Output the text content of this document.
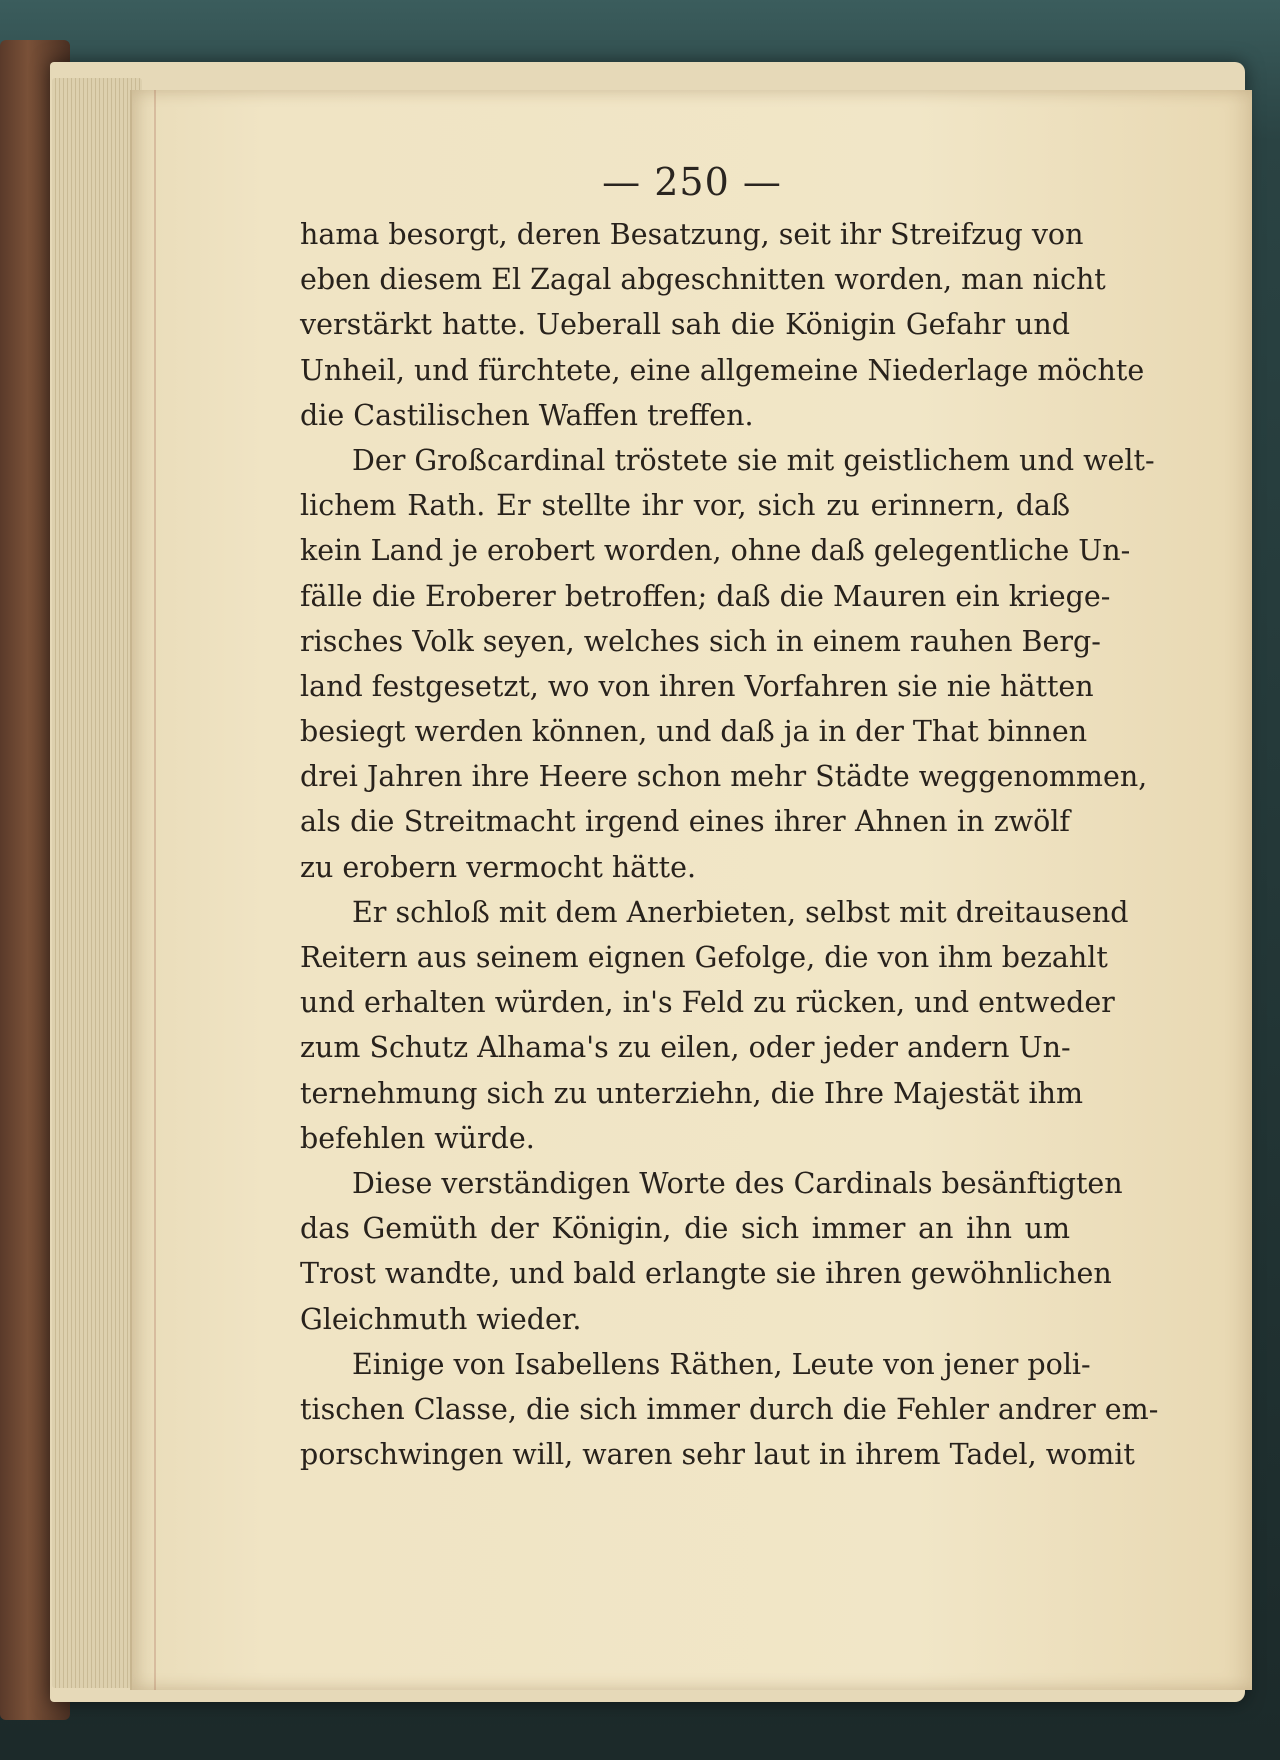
— 250 —
hama besorgt, deren Besatzung, seit ihr Streifzug von
eben diesem El Zagal abgeschnitten worden, man nicht
verstärkt hatte. Ueberall sah die Königin Gefahr und
Unheil, und fürchtete, eine allgemeine Niederlage möchte
die Castilischen Waffen treffen.
Der Großcardinal tröstete sie mit geistlichem und welt-
lichem Rath. Er stellte ihr vor, sich zu erinnern, daß
kein Land je erobert worden, ohne daß gelegentliche Un-
fälle die Eroberer betroffen; daß die Mauren ein kriege-
risches Volk seyen, welches sich in einem rauhen Berg-
land festgesetzt, wo von ihren Vorfahren sie nie hätten
besiegt werden können, und daß ja in der That binnen
drei Jahren ihre Heere schon mehr Städte weggenommen,
als die Streitmacht irgend eines ihrer Ahnen in zwölf
zu erobern vermocht hätte.
Er schloß mit dem Anerbieten, selbst mit dreitausend
Reitern aus seinem eignen Gefolge, die von ihm bezahlt
und erhalten würden, in's Feld zu rücken, und entweder
zum Schutz Alhama's zu eilen, oder jeder andern Un-
ternehmung sich zu unterziehn, die Ihre Majestät ihm
befehlen würde.
Diese verständigen Worte des Cardinals besänftigten
das Gemüth der Königin, die sich immer an ihn um
Trost wandte, und bald erlangte sie ihren gewöhnlichen
Gleichmuth wieder.
Einige von Isabellens Räthen, Leute von jener poli-
tischen Classe, die sich immer durch die Fehler andrer em-
porschwingen will, waren sehr laut in ihrem Tadel, womit
